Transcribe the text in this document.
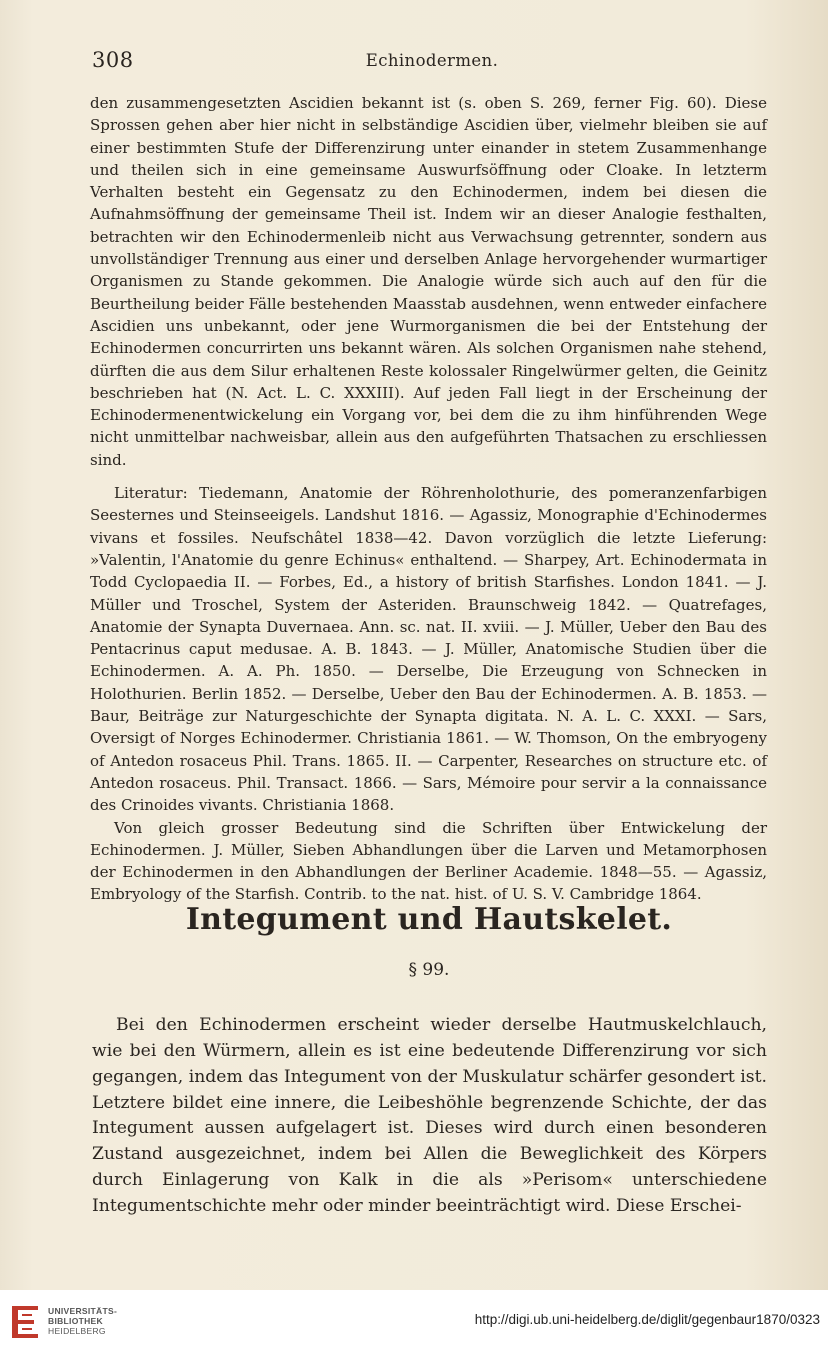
308	Echinodermen.

den zusammengesetzten Ascidien bekannt ist (s. oben S. 269, ferner Fig. 60). Diese Sprossen gehen aber hier nicht in selbständige Ascidien über, vielmehr bleiben sie auf einer bestimmten Stufe der Differenzirung unter einander in stetem Zusammenhange und theilen sich in eine gemeinsame Auswurfsöffnung oder Cloake. In letzterm Verhalten besteht ein Gegensatz zu den Echinodermen, indem bei diesen die Aufnahmsöffnung der gemeinsame Theil ist. Indem wir an dieser Analogie festhalten, betrachten wir den Echinodermenleib nicht aus Verwachsung getrennter, sondern aus unvollständiger Trennung aus einer und derselben Anlage hervorgehender wurmartiger Organismen zu Stande gekommen. Die Analogie würde sich auch auf den für die Beurtheilung beider Fälle bestehenden Maasstab ausdehnen, wenn entweder einfachere Ascidien uns unbekannt, oder jene Wurmorganismen die bei der Entstehung der Echinodermen concurrirten uns bekannt wären. Als solchen Organismen nahe stehend, dürften die aus dem Silur erhaltenen Reste kolossaler Ringelwürmer gelten, die Geinitz beschrieben hat (N. Act. L. C. XXXIII). Auf jeden Fall liegt in der Erscheinung der Echinodermenentwickelung ein Vorgang vor, bei dem die zu ihm hinführenden Wege nicht unmittelbar nachweisbar, allein aus den aufgeführten Thatsachen zu erschliessen sind.

Literatur: Tiedemann, Anatomie der Röhrenholothurie, des pomeranzenfarbigen Seesternes und Steinseeigels. Landshut 1816. — Agassiz, Monographie d'Echinodermes vivans et fossiles. Neufschâtel 1838—42. Davon vorzüglich die letzte Lieferung: »Valentin, l'Anatomie du genre Echinus« enthaltend. — Sharpey, Art. Echinodermata in Todd Cyclopaedia II. — Forbes, Ed., a history of british Starfishes. London 1841. — J. Müller und Troschel, System der Asteriden. Braunschweig 1842. — Quatrefages, Anatomie der Synapta Duvernaea. Ann. sc. nat. II. xviii. — J. Müller, Ueber den Bau des Pentacrinus caput medusae. A. B. 1843. — J. Müller, Anatomische Studien über die Echinodermen. A. A. Ph. 1850. — Derselbe, Die Erzeugung von Schnecken in Holothurien. Berlin 1852. — Derselbe, Ueber den Bau der Echinodermen. A. B. 1853. — Baur, Beiträge zur Naturgeschichte der Synapta digitata. N. A. L. C. XXXI. — Sars, Oversigt of Norges Echinodermer. Christiania 1861. — W. Thomson, On the embryogeny of Antedon rosaceus Phil. Trans. 1865. II. — Carpenter, Researches on structure etc. of Antedon rosaceus. Phil. Transact. 1866. — Sars, Mémoire pour servir a la connaissance des Crinoides vivants. Christiania 1868.

Von gleich grosser Bedeutung sind die Schriften über Entwickelung der Echinodermen. J. Müller, Sieben Abhandlungen über die Larven und Metamorphosen der Echinodermen in den Abhandlungen der Berliner Academie. 1848—55. — Agassiz, Embryology of the Starfish. Contrib. to the nat. hist. of U. S. V. Cambridge 1864.

Integument und Hautskelet.
§ 99.

Bei den Echinodermen erscheint wieder derselbe Hautmuskelchlauch, wie bei den Würmern, allein es ist eine bedeutende Differenzirung vor sich gegangen, indem das Integument von der Muskulatur schärfer gesondert ist. Letztere bildet eine innere, die Leibeshöhle begrenzende Schichte, der das Integument aussen aufgelagert ist. Dieses wird durch einen besonderen Zustand ausgezeichnet, indem bei Allen die Beweglichkeit des Körpers durch Einlagerung von Kalk in die als »Perisom« unterschiedene Integumentschichte mehr oder minder beeinträchtigt wird. Diese Erschei-

UNIVERSITÄTS-
BIBLIOTHEK
HEIDELBERG
http://digi.ub.uni-heidelberg.de/diglit/gegenbaur1870/0323
